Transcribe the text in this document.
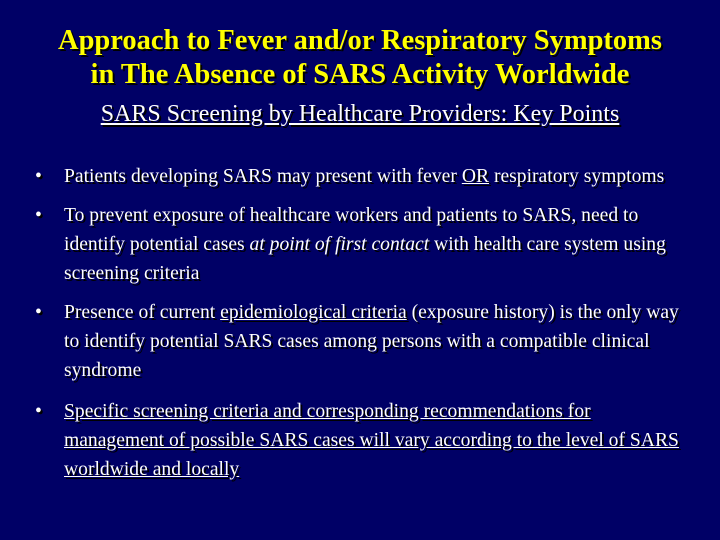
Approach to Fever and/or Respiratory Symptoms
in The Absence of SARS Activity Worldwide
SARS Screening by Healthcare Providers: Key Points
•	Patients developing SARS may present with fever OR respiratory symptoms
•	To prevent exposure of healthcare workers and patients to SARS, need to identify potential cases at point of first contact with health care system using screening criteria
•	Presence of current epidemiological criteria (exposure history) is the only way to identify potential SARS cases among persons with a compatible clinical syndrome
•	Specific screening criteria and corresponding recommendations for management of possible SARS cases will vary according to the level of SARS worldwide and locally
